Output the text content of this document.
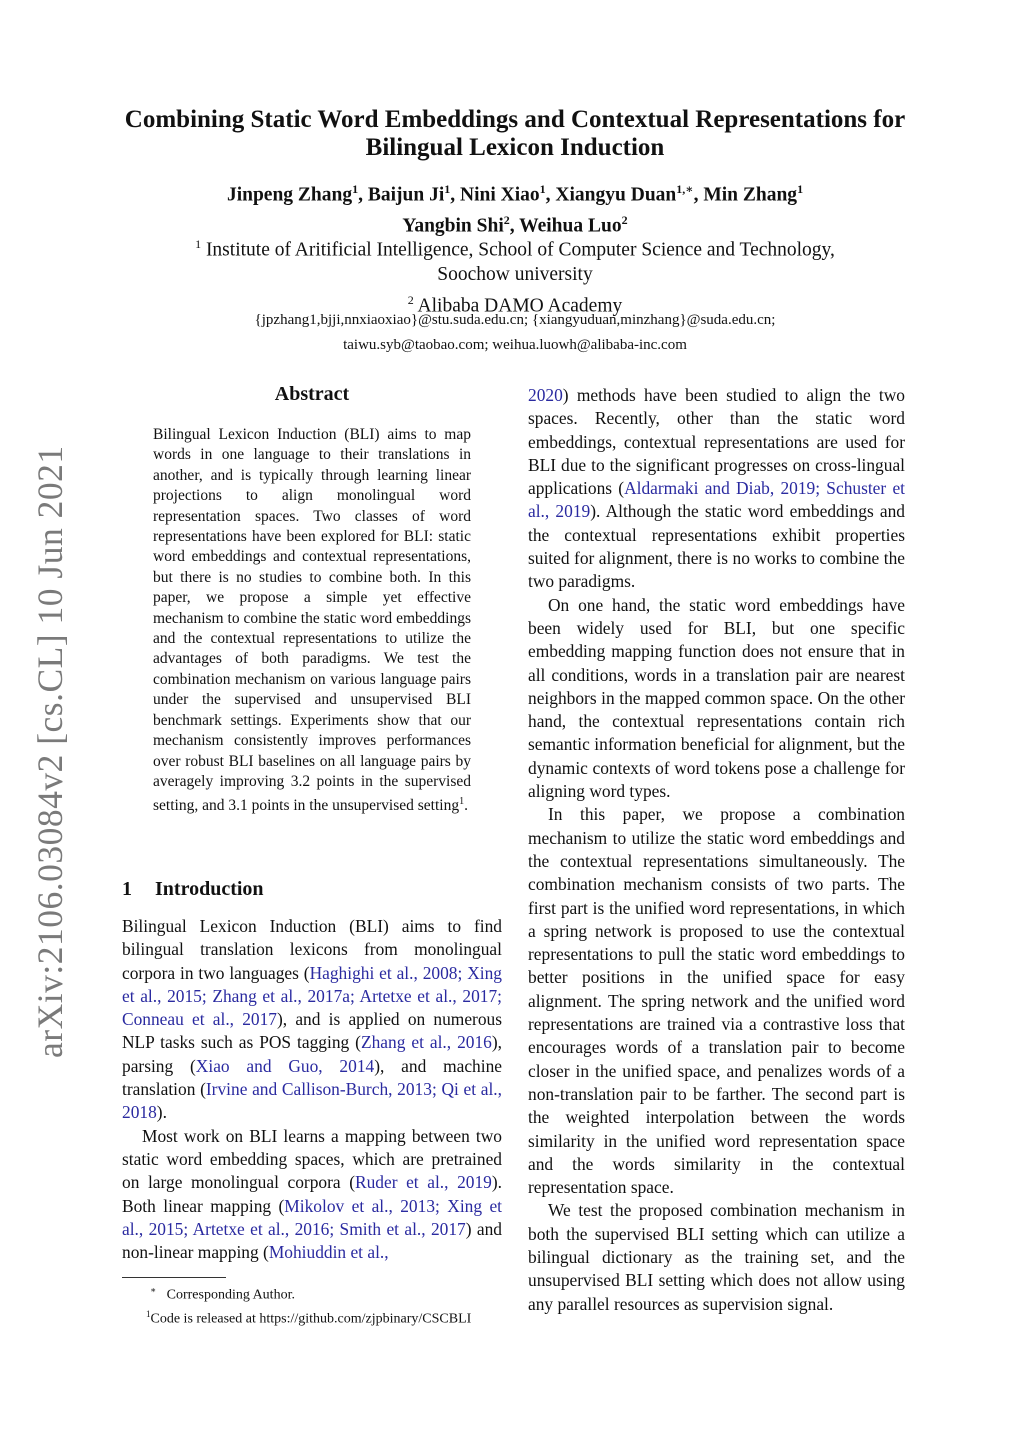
arXiv:2106.03084v2 [cs.CL] 10 Jun 2021
Combining Static Word Embeddings and Contextual Representations for
Bilingual Lexicon Induction
Jinpeng Zhang$^1$, Baijun Ji$^1$, Nini Xiao$^1$, Xiangyu Duan$^{1,∗}$, Min Zhang$^1$
Yangbin Shi$^2$, Weihua Luo$^2$
$^1$ Institute of Aritificial Intelligence, School of Computer Science and Technology,
Soochow university
$^2$ Alibaba DAMO Academy
{jpzhang1,bjji,nnxiaoxiao}@stu.suda.edu.cn; {xiangyuduan,minzhang}@suda.edu.cn;
taiwu.syb@taobao.com; weihua.luowh@alibaba-inc.com
Abstract
Bilingual Lexicon Induction (BLI) aims to map words in one language to their translations in another, and is typically through learning linear projections to align monolingual word representation spaces. Two classes of word representations have been explored for BLI: static word embeddings and contextual representations, but there is no studies to combine both. In this paper, we propose a simple yet effective mechanism to combine the static word embeddings and the contextual representations to utilize the advantages of both paradigms. We test the combination mechanism on various language pairs under the supervised and unsupervised BLI benchmark settings. Experiments show that our mechanism consistently improves performances over robust BLI baselines on all language pairs by averagely improving 3.2 points in the supervised setting, and 3.1 points in the unsupervised setting$^1$.
1 Introduction

Bilingual Lexicon Induction (BLI) aims to find bilingual translation lexicons from monolingual corpora in two languages (Haghighi et al., 2008; Xing et al., 2015; Zhang et al., 2017a; Artetxe et al., 2017; Conneau et al., 2017), and is applied on numerous NLP tasks such as POS tagging (Zhang et al., 2016), parsing (Xiao and Guo, 2014), and machine translation (Irvine and Callison-Burch, 2013; Qi et al., 2018).

Most work on BLI learns a mapping between two static word embedding spaces, which are pretrained on large monolingual corpora (Ruder et al., 2019). Both linear mapping (Mikolov et al., 2013; Xing et al., 2015; Artetxe et al., 2016; Smith et al., 2017) and non-linear mapping (Mohiuddin et al.,

2020) methods have been studied to align the two spaces. Recently, other than the static word embeddings, contextual representations are used for BLI due to the significant progresses on cross-lingual applications (Aldarmaki and Diab, 2019; Schuster et al., 2019). Although the static word embeddings and the contextual representations exhibit properties suited for alignment, there is no works to combine the two paradigms.

On one hand, the static word embeddings have been widely used for BLI, but one specific embedding mapping function does not ensure that in all conditions, words in a translation pair are nearest neighbors in the mapped common space. On the other hand, the contextual representations contain rich semantic information beneficial for alignment, but the dynamic contexts of word tokens pose a challenge for aligning word types.

In this paper, we propose a combination mechanism to utilize the static word embeddings and the contextual representations simultaneously. The combination mechanism consists of two parts. The first part is the unified word representations, in which a spring network is proposed to use the contextual representations to pull the static word embeddings to better positions in the unified space for easy alignment. The spring network and the unified word representations are trained via a contrastive loss that encourages words of a translation pair to become closer in the unified space, and penalizes words of a non-translation pair to be farther. The second part is the weighted interpolation between the words similarity in the unified word representation space and the words similarity in the contextual representation space.

We test the proposed combination mechanism in both the supervised BLI setting which can utilize a bilingual dictionary as the training set, and the unsupervised BLI setting which does not allow using any parallel resources as supervision signal.

∗ Corresponding Author.

$^1$Code is released at https://github.com/zjpbinary/CSCBLI
